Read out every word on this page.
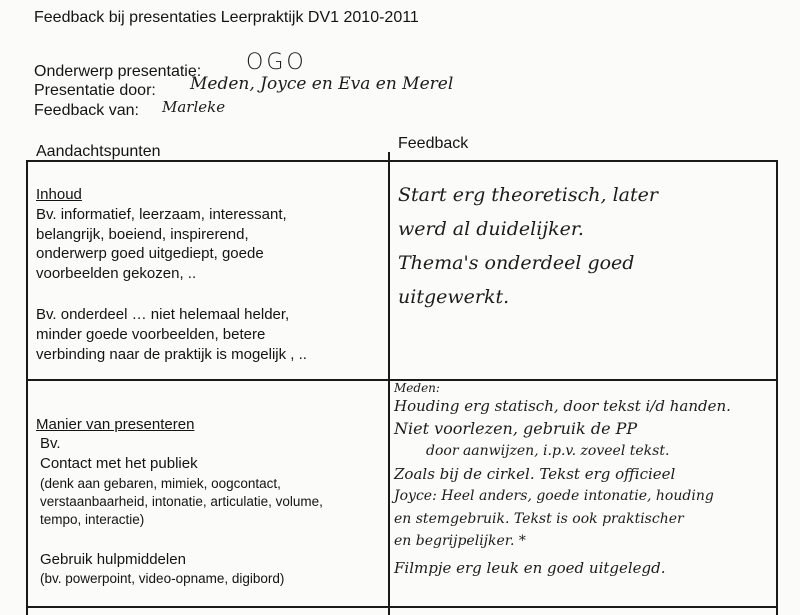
Feedback bij presentaties Leerpraktijk DV1 2010-2011
Onderwerp presentatie: OGO
Presentatie door: Meden, Joyce en Eva en Merel
Feedback van: Marleke
Aandachtspunten	Feedback
Inhoud
Bv. informatief, leerzaam, interessant,
belangrijk, boeiend, inspirerend,
onderwerp goed uitgediept, goede
voorbeelden gekozen, ..
Bv. onderdeel … niet helemaal helder,
minder goede voorbeelden, betere
verbinding naar de praktijk is mogelijk , ..
Start erg theoretisch, later
werd al duidelijker.
Thema's onderdeel goed
uitgewerkt.
Manier van presenteren
Bv.
Contact met het publiek
(denk aan gebaren, mimiek, oogcontact,
verstaanbaarheid, intonatie, articulatie, volume,
tempo, interactie)
Gebruik hulpmiddelen
(bv. powerpoint, video-opname, digibord)
Meden:
Houding erg statisch, door tekst i/d handen.
Niet voorlezen, gebruik de PP
door aanwijzen, i.p.v. zoveel tekst.
Zoals bij de cirkel. Tekst erg officieel
Joyce: Heel anders, goede intonatie, houding
en stemgebruik. Tekst is ook praktischer
en begrijpelijker. *
Filmpje erg leuk en goed uitgelegd.
